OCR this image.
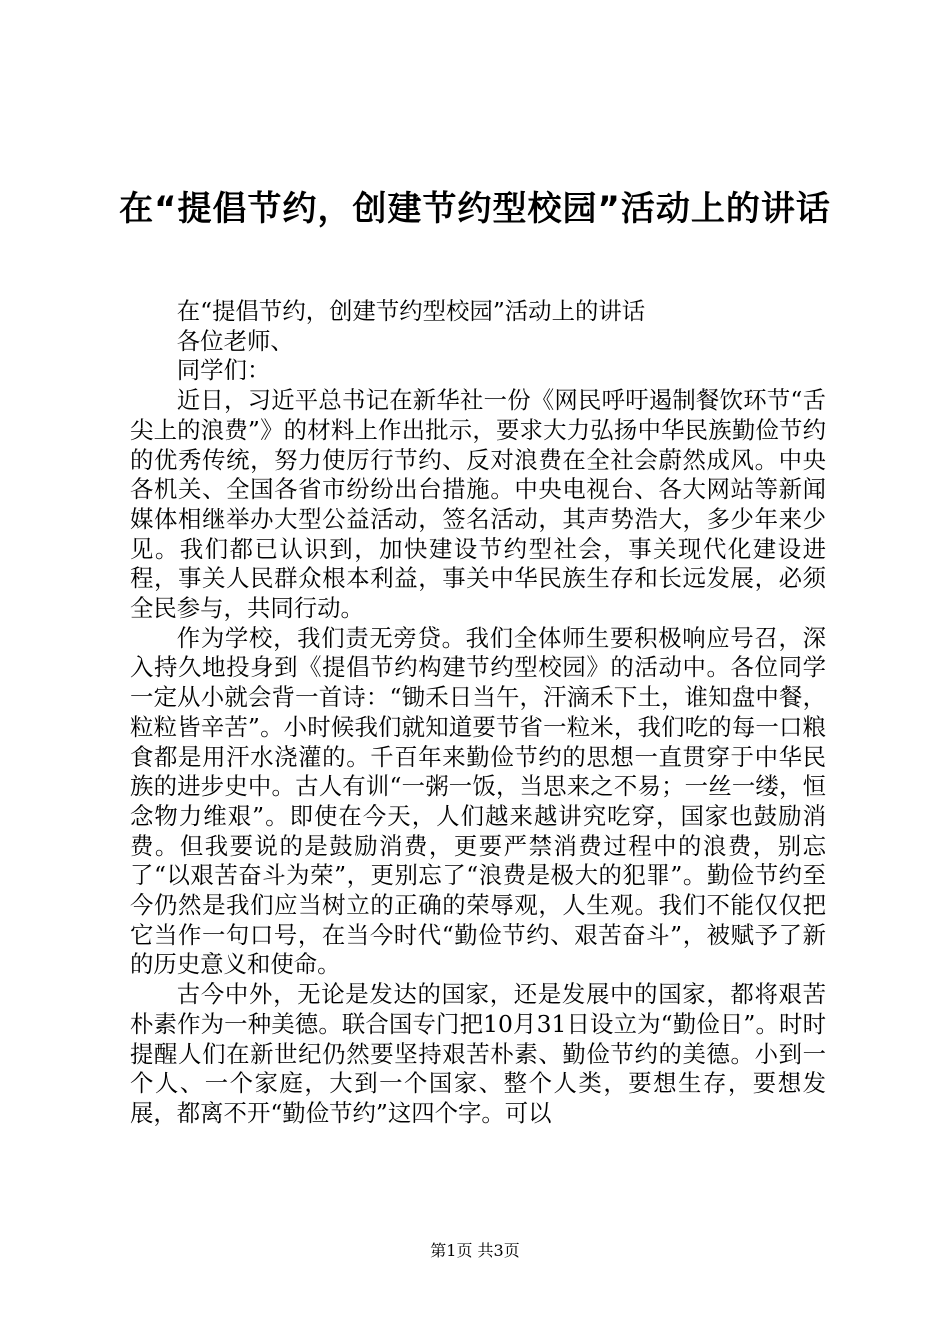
在“提倡节约，创建节约型校园”活动上的讲话

在“提倡节约，创建节约型校园”活动上的讲话

各位老师、

同学们：

近日，习近平总书记在新华社一份《网民呼吁遏制餐饮环节“舌尖上的浪费”》的材料上作出批示，要求大力弘扬中华民族勤俭节约的优秀传统，努力使厉行节约、反对浪费在全社会蔚然成风。中央各机关、全国各省市纷纷出台措施。中央电视台、各大网站等新闻媒体相继举办大型公益活动，签名活动，其声势浩大，多少年来少见。我们都已认识到，加快建设节约型社会，事关现代化建设进程，事关人民群众根本利益，事关中华民族生存和长远发展，必须全民参与，共同行动。

作为学校，我们责无旁贷。我们全体师生要积极响应号召，深入持久地投身到《提倡节约构建节约型校园》的活动中。各位同学一定从小就会背一首诗：“锄禾日当午，汗滴禾下土，谁知盘中餐，粒粒皆辛苦”。小时候我们就知道要节省一粒米，我们吃的每一口粮食都是用汗水浇灌的。千百年来勤俭节约的思想一直贯穿于中华民族的进步史中。古人有训“一粥一饭，当思来之不易；一丝一缕，恒念物力维艰”。即使在今天，人们越来越讲究吃穿，国家也鼓励消费。但我要说的是鼓励消费，更要严禁消费过程中的浪费，别忘了“以艰苦奋斗为荣”，更别忘了“浪费是极大的犯罪”。勤俭节约至今仍然是我们应当树立的正确的荣辱观，人生观。我们不能仅仅把它当作一句口号，在当今时代“勤俭节约、艰苦奋斗”，被赋予了新的历史意义和使命。

古今中外，无论是发达的国家，还是发展中的国家，都将艰苦朴素作为一种美德。联合国专门把10月31日设立为“勤俭日”。时时提醒人们在新世纪仍然要坚持艰苦朴素、勤俭节约的美德。小到一个人、一个家庭，大到一个国家、整个人类，要想生存，要想发展，都离不开“勤俭节约”这四个字。可以

第1页 共3页
